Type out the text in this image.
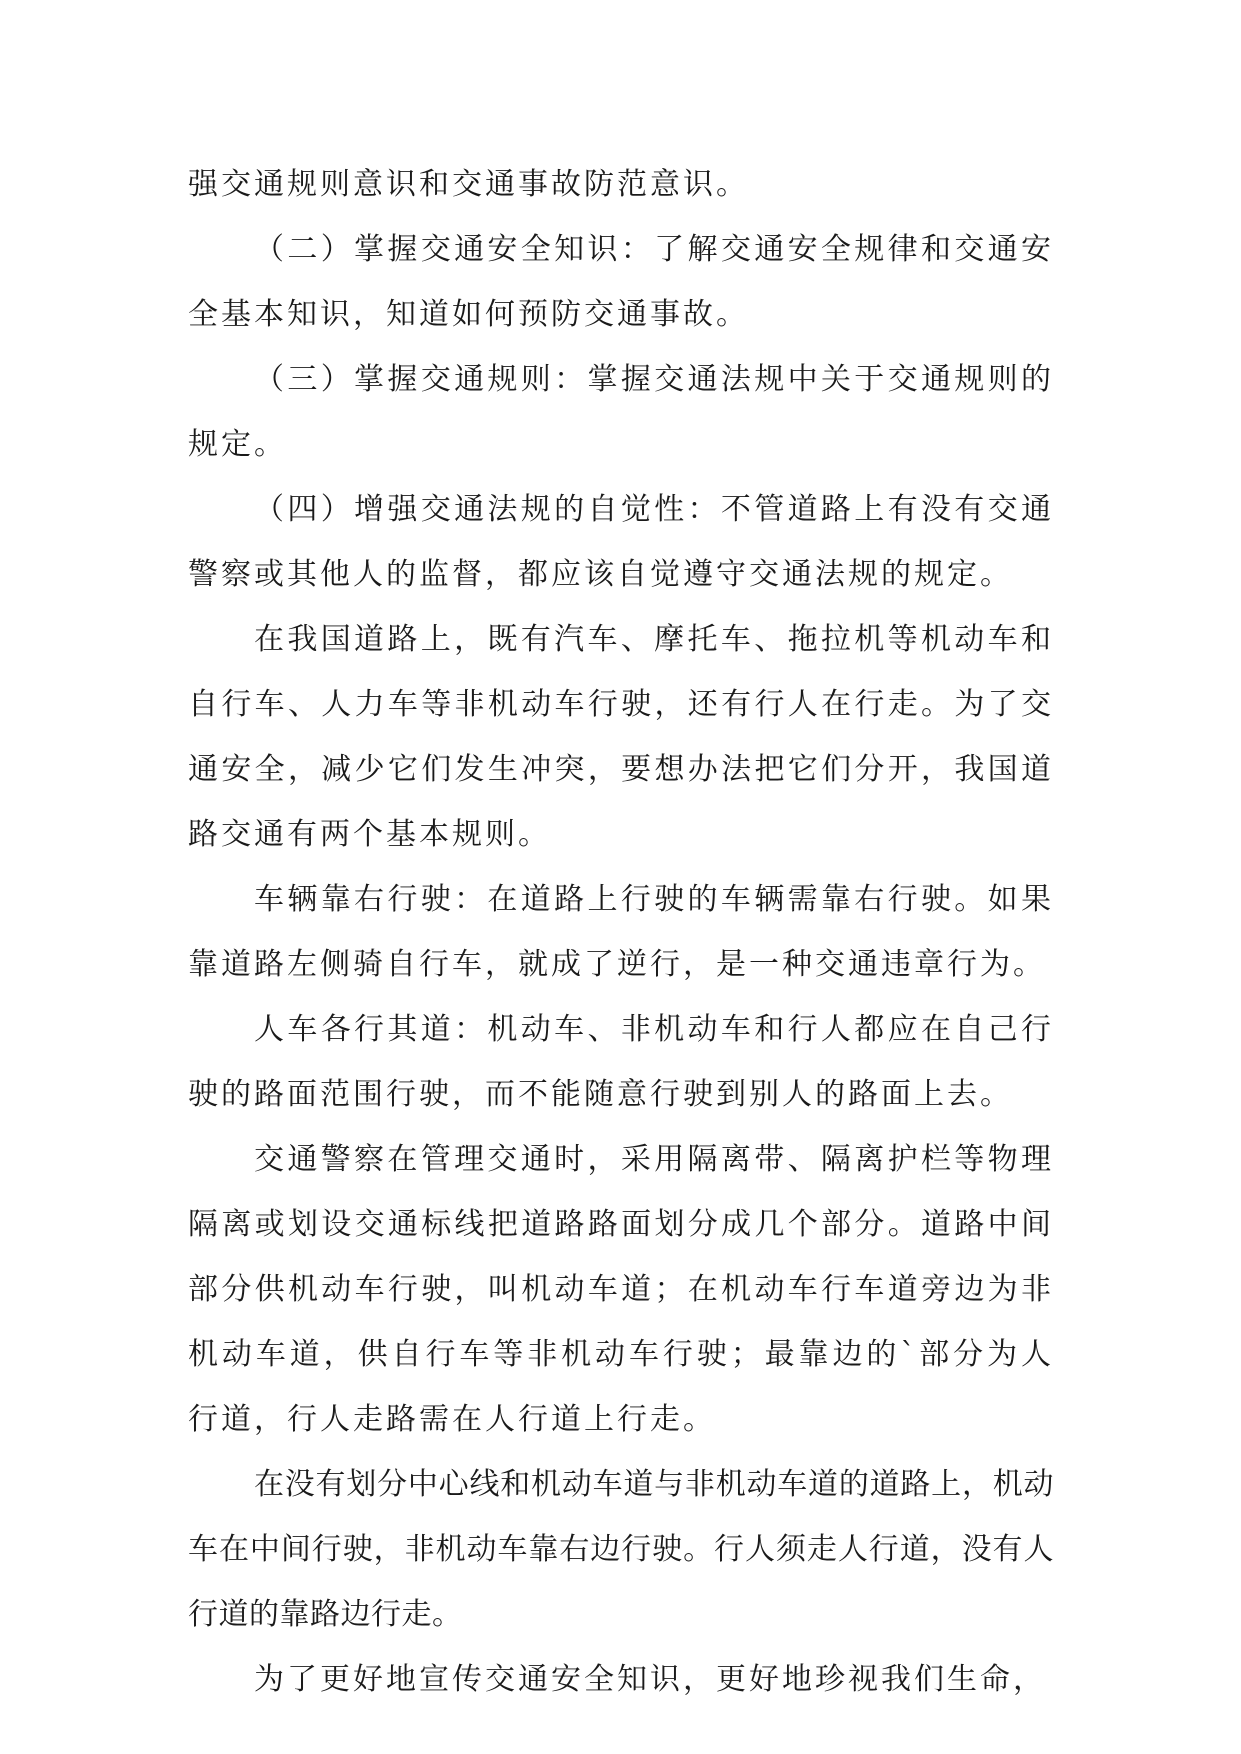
强交通规则意识和交通事故防范意识。

（二）掌握交通安全知识：了解交通安全规律和交通安全基本知识，知道如何预防交通事故。

（三）掌握交通规则：掌握交通法规中关于交通规则的规定。

（四）增强交通法规的自觉性：不管道路上有没有交通警察或其他人的监督，都应该自觉遵守交通法规的规定。

在我国道路上，既有汽车、摩托车、拖拉机等机动车和自行车、人力车等非机动车行驶，还有行人在行走。为了交通安全，减少它们发生冲突，要想办法把它们分开，我国道路交通有两个基本规则。

车辆靠右行驶：在道路上行驶的车辆需靠右行驶。如果靠道路左侧骑自行车，就成了逆行，是一种交通违章行为。

人车各行其道：机动车、非机动车和行人都应在自己行驶的路面范围行驶，而不能随意行驶到别人的路面上去。

交通警察在管理交通时，采用隔离带、隔离护栏等物理隔离或划设交通标线把道路路面划分成几个部分。道路中间部分供机动车行驶，叫机动车道；在机动车行车道旁边为非机动车道，供自行车等非机动车行驶；最靠边的`部分为人行道，行人走路需在人行道上行走。

在没有划分中心线和机动车道与非机动车道的道路上，机动车在中间行驶，非机动车靠右边行驶。行人须走人行道，没有人行道的靠路边行走。

为了更好地宣传交通安全知识，更好地珍视我们生命，
